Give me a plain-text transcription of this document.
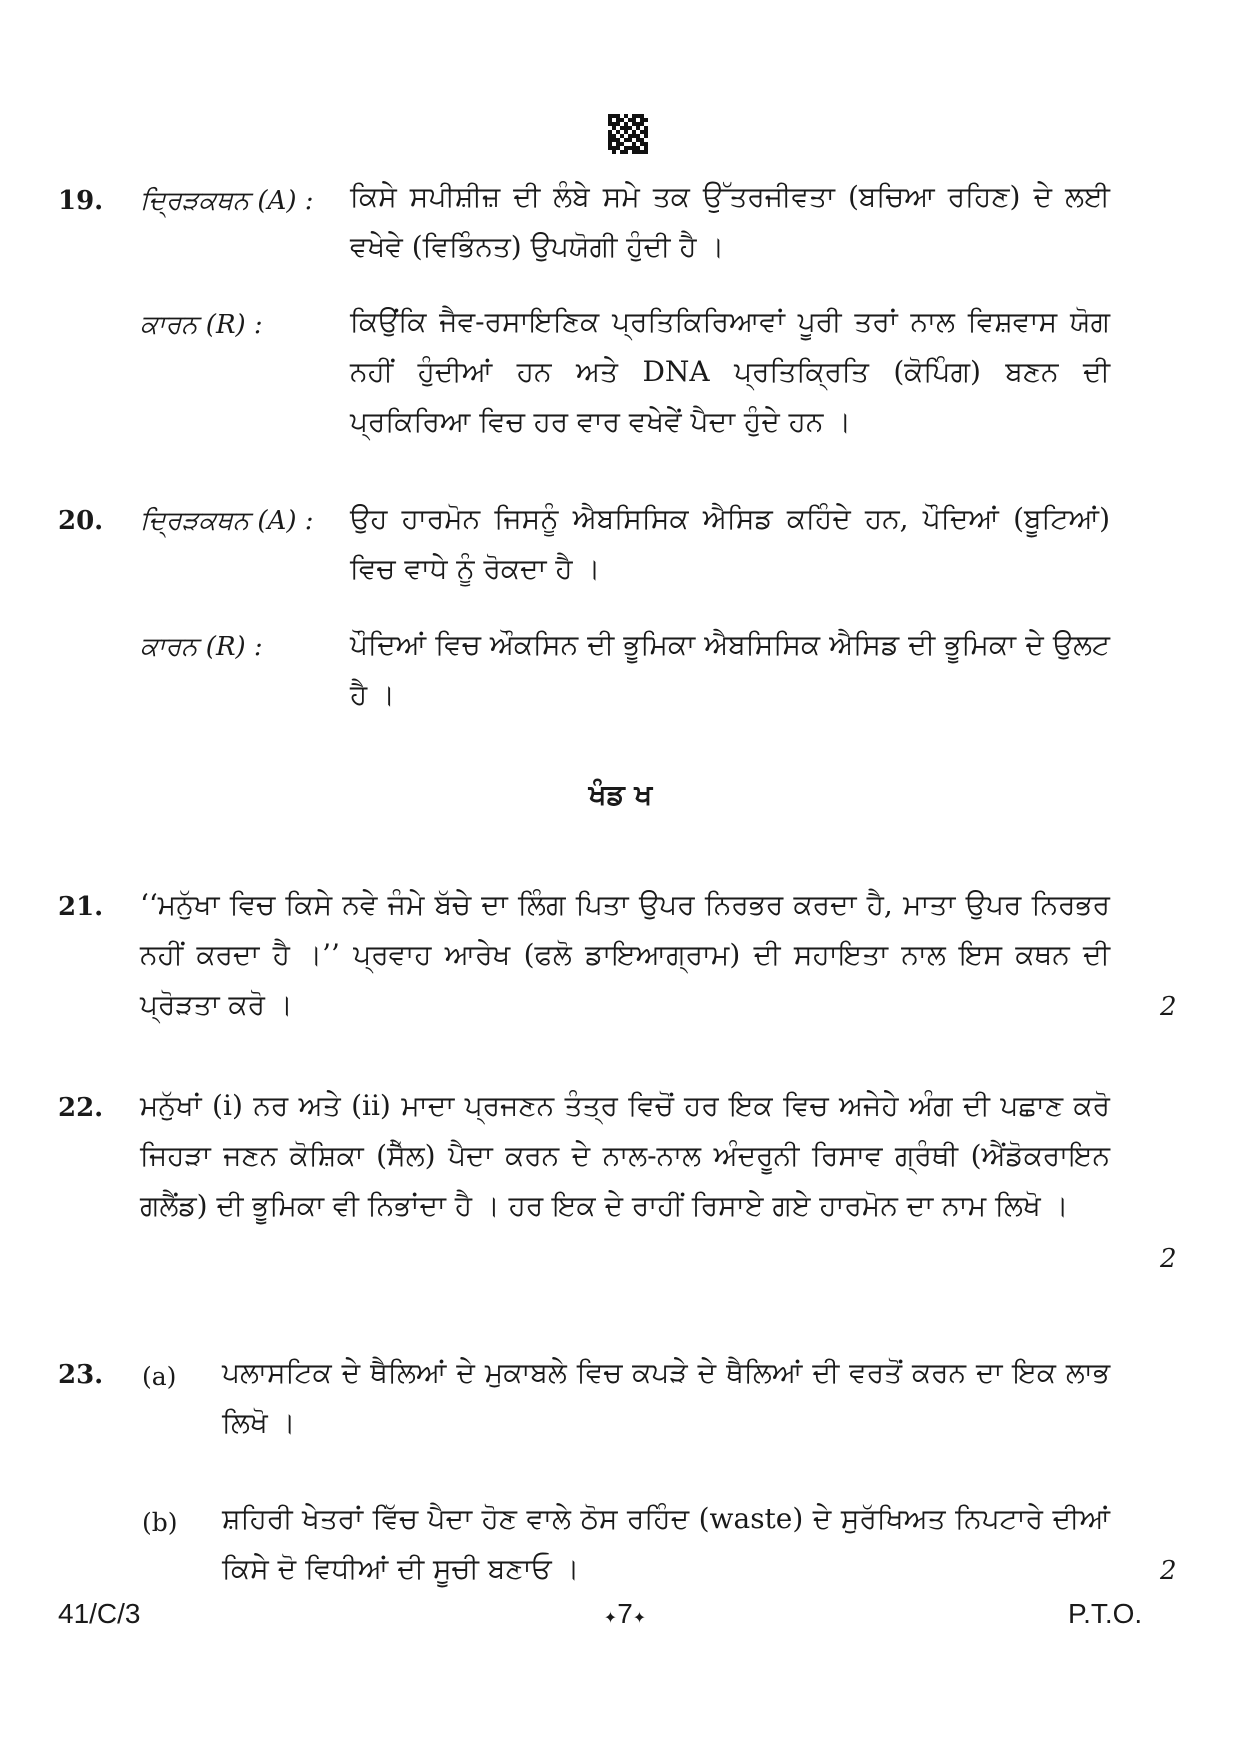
19. ਦ੍ਰਿੜਕਥਨ (A) : ਕਿਸੇ ਸਪੀਸ਼ੀਜ਼ ਦੀ ਲੰਬੇ ਸਮੇ ਤਕ ਉੱਤਰਜੀਵਤਾ (ਬਚਿਆ ਰਹਿਣ) ਦੇ ਲਈ ਵਖੇਵੇ (ਵਿਭਿੰਨਤ) ਉਪਯੋਗੀ ਹੁੰਦੀ ਹੈ ।
ਕਾਰਨ (R) :	ਕਿਉਂਕਿ ਜੈਵ-ਰਸਾਇਣਿਕ ਪ੍ਰਤਿਕਿਰਿਆਵਾਂ ਪੂਰੀ ਤਰਾਂ ਨਾਲ ਵਿਸ਼ਵਾਸ ਯੋਗ ਨਹੀਂ ਹੁੰਦੀਆਂ ਹਨ ਅਤੇ DNA ਪ੍ਰਤਿਕ੍ਰਿਤਿ (ਕੋਪਿੰਗ) ਬਣਨ ਦੀ ਪ੍ਰਕਿਰਿਆ ਵਿਚ ਹਰ ਵਾਰ ਵਖੇਵੇਂ ਪੈਦਾ ਹੁੰਦੇ ਹਨ ।
20. ਦ੍ਰਿੜਕਥਨ (A) : ਉਹ ਹਾਰਮੋਨ ਜਿਸਨੂੰ ਐਬਸਿਸਿਕ ਐਸਿਡ ਕਹਿੰਦੇ ਹਨ, ਪੌਦਿਆਂ (ਬੂਟਿਆਂ) ਵਿਚ ਵਾਧੇ ਨੂੰ ਰੋਕਦਾ ਹੈ ।
ਕਾਰਨ (R) :	ਪੌਦਿਆਂ ਵਿਚ ਔਕਸਿਨ ਦੀ ਭੂਮਿਕਾ ਐਬਸਿਸਿਕ ਐਸਿਡ ਦੀ ਭੂਮਿਕਾ ਦੇ ਉਲਟ ਹੈ ।
ਖੰਡ ਖ
21. ‘‘ਮਨੁੱਖਾ ਵਿਚ ਕਿਸੇ ਨਵੇ ਜੰਮੇ ਬੱਚੇ ਦਾ ਲਿੰਗ ਪਿਤਾ ਉਪਰ ਨਿਰਭਰ ਕਰਦਾ ਹੈ, ਮਾਤਾ ਉਪਰ ਨਿਰਭਰ ਨਹੀਂ ਕਰਦਾ ਹੈ ।’’ ਪ੍ਰਵਾਹ ਆਰੇਖ (ਫਲੋ ਡਾਇਆਗ੍ਰਾਮ) ਦੀ ਸਹਾਇਤਾ ਨਾਲ ਇਸ ਕਥਨ ਦੀ ਪ੍ਰੋੜਤਾ ਕਰੋ ।	2
22. ਮਨੁੱਖਾਂ (i) ਨਰ ਅਤੇ (ii) ਮਾਦਾ ਪ੍ਰਜਣਨ ਤੰਤ੍ਰ ਵਿਚੋਂ ਹਰ ਇਕ ਵਿਚ ਅਜੇਹੇ ਅੰਗ ਦੀ ਪਛਾਣ ਕਰੋ ਜਿਹੜਾ ਜਣਨ ਕੋਸ਼ਿਕਾ (ਸੈੱਲ) ਪੈਦਾ ਕਰਨ ਦੇ ਨਾਲ-ਨਾਲ ਅੰਦਰੂਨੀ ਰਿਸਾਵ ਗ੍ਰੰਥੀ (ਐਂਡੋਕਰਾਇਨ ਗਲੈਂਡ) ਦੀ ਭੂਮਿਕਾ ਵੀ ਨਿਭਾਂਦਾ ਹੈ । ਹਰ ਇਕ ਦੇ ਰਾਹੀਂ ਰਿਸਾਏ ਗਏ ਹਾਰਮੋਨ ਦਾ ਨਾਮ ਲਿਖੋ ।
2
23. (a) ਪਲਾਸਟਿਕ ਦੇ ਥੈਲਿਆਂ ਦੇ ਮੁਕਾਬਲੇ ਵਿਚ ਕਪੜੇ ਦੇ ਥੈਲਿਆਂ ਦੀ ਵਰਤੋਂ ਕਰਨ ਦਾ ਇਕ ਲਾਭ ਲਿਖੋ ।
(b) ਸ਼ਹਿਰੀ ਖੇਤਰਾਂ ਵਿੱਚ ਪੈਦਾ ਹੋਣ ਵਾਲੇ ਠੋਸ ਰਹਿੰਦ (waste) ਦੇ ਸੁਰੱਖਿਅਤ ਨਿਪਟਾਰੇ ਦੀਆਂ ਕਿਸੇ ਦੋ ਵਿਧੀਆਂ ਦੀ ਸੂਚੀ ਬਣਾਓ ।	2
41/C/3	✦7✦	P.T.O.
